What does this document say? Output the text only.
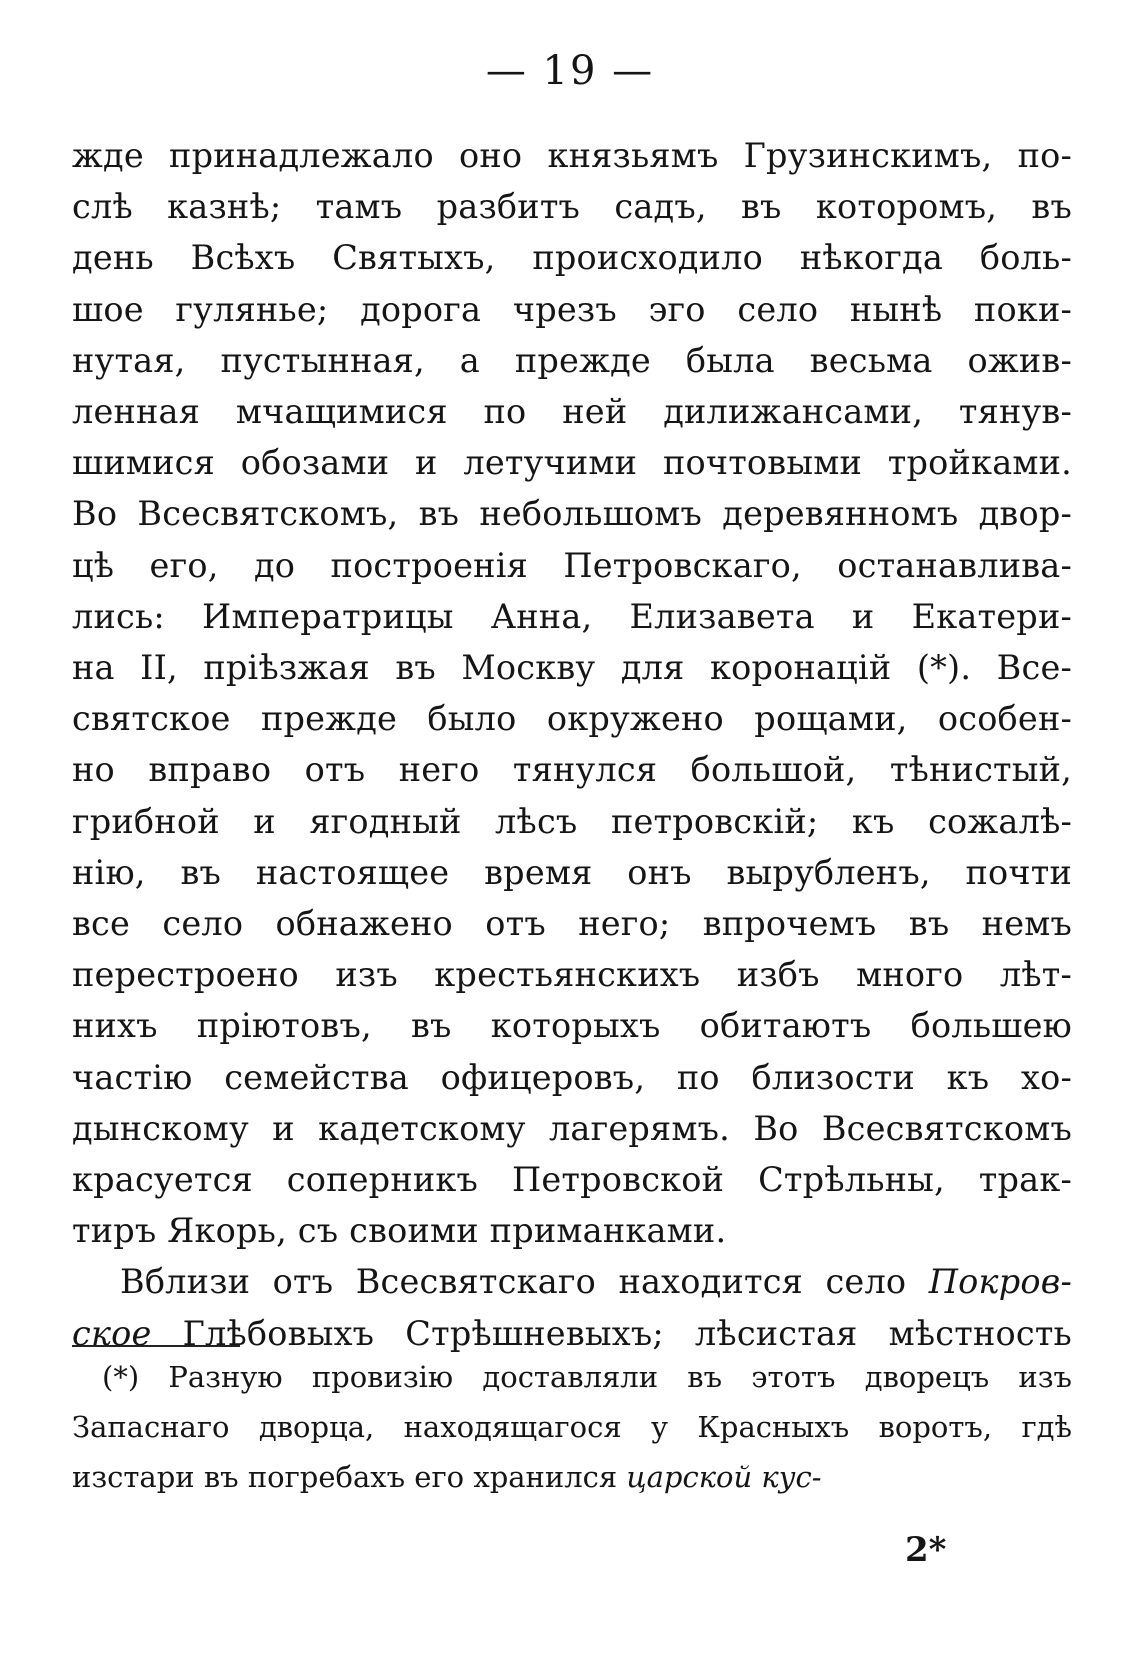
— 19 —
жде принадлежало оно князьямъ Грузинскимъ, по-
слѣ казнѣ; тамъ разбитъ садъ, въ которомъ, въ
день Всѣхъ Святыхъ, происходило нѣкогда боль-
шое гулянье; дорога чрезъ эго село нынѣ поки-
нутая, пустынная, а прежде была весьма ожив-
ленная мчащимися по ней дилижансами, тянув-
шимися обозами и летучими почтовыми тройками.
Во Всесвятскомъ, въ небольшомъ деревянномъ двор-
цѣ его, до построенія Петровскаго, останавлива-
лись: Императрицы Анна, Елизавета и Екатери-
на II, пріѣзжая въ Москву для коронацій (*). Все-
святское прежде было окружено рощами, особен-
но вправо отъ него тянулся большой, тѣнистый,
грибной и ягодный лѣсъ петровскій; къ сожалѣ-
нію, въ настоящее время онъ вырубленъ, почти
все село обнажено отъ него; впрочемъ въ немъ
перестроено изъ крестьянскихъ избъ много лѣт-
нихъ пріютовъ, въ которыхъ обитаютъ большею
частію семейства офицеровъ, по близости къ хо-
дынскому и кадетскому лагерямъ. Во Всесвятскомъ
красуется соперникъ Петровской Стрѣльны, трак-
тиръ Якорь, съ своими приманками.
Вблизи отъ Всесвятскаго находится село Покров-
ское Глѣбовыхъ Стрѣшневыхъ; лѣсистая мѣстность
(*) Разную провизію доставляли въ этотъ дворецъ изъ
Запаснаго дворца, находящагося у Красныхъ воротъ, гдѣ
изстари въ погребахъ его хранился царской кус-
2*
